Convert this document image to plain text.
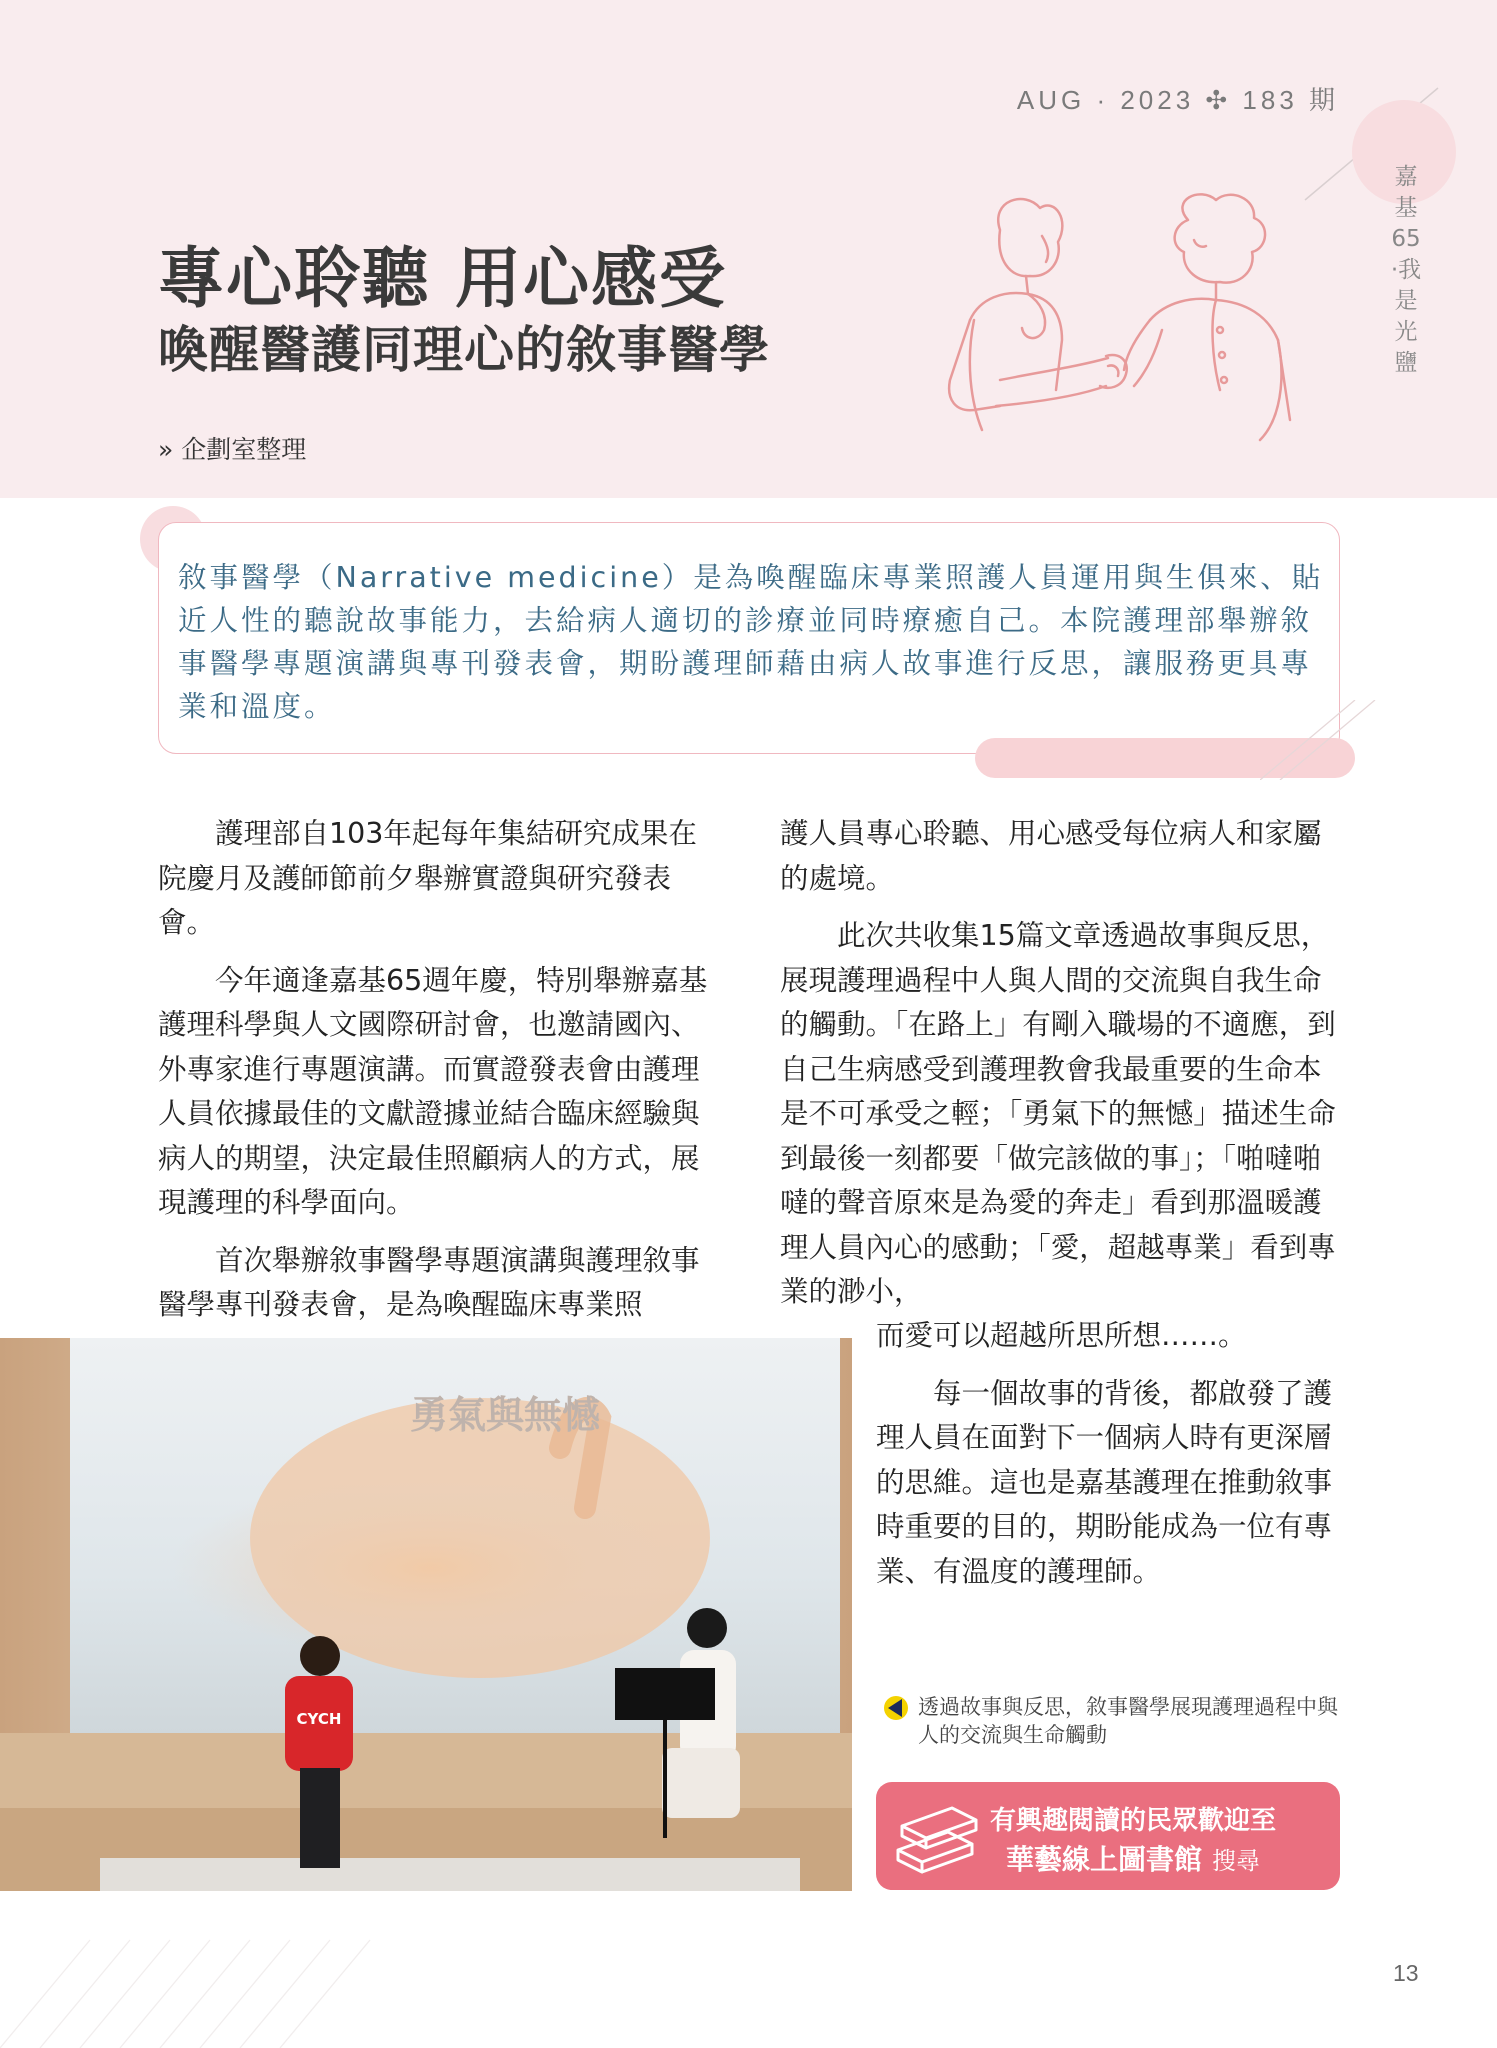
AUG · 2023 ✣ 183 期
嘉基65·我是光鹽
專心聆聽 用心感受
喚醒醫護同理心的敘事醫學
» 企劃室整理
敘事醫學（Narrative medicine）是為喚醒臨床專業照護人員運用與生俱來、貼近人性的聽說故事能力，去給病人適切的診療並同時療癒自己。本院護理部舉辦敘事醫學專題演講與專刊發表會，期盼護理師藉由病人故事進行反思，讓服務更具專業和溫度。

護理部自103年起每年集結研究成果在院慶月及護師節前夕舉辦實證與研究發表會。

今年適逢嘉基65週年慶，特別舉辦嘉基護理科學與人文國際研討會，也邀請國內、外專家進行專題演講。而實證發表會由護理人員依據最佳的文獻證據並結合臨床經驗與病人的期望，決定最佳照顧病人的方式，展現護理的科學面向。

首次舉辦敘事醫學專題演講與護理敘事醫學專刊發表會，是為喚醒臨床專業照

護人員專心聆聽、用心感受每位病人和家屬的處境。

此次共收集15篇文章透過故事與反思，展現護理過程中人與人間的交流與自我生命的觸動。「在路上」有剛入職場的不適應，到自己生病感受到護理教會我最重要的生命本是不可承受之輕；「勇氣下的無憾」描述生命到最後一刻都要「做完該做的事」；「啪噠啪噠的聲音原來是為愛的奔走」看到那溫暖護理人員內心的感動；「愛，超越專業」看到專業的渺小，

而愛可以超越所思所想……。

每一個故事的背後，都啟發了護理人員在面對下一個病人時有更深層的思維。這也是嘉基護理在推動敘事時重要的目的，期盼能成為一位有專業、有溫度的護理師。

勇氣與無憾
CYCH	透過故事與反思，敘事醫學展現護理過程中與人的交流與生命觸動
有興趣閱讀的民眾歡迎至
華藝線上圖書館 搜尋
13
